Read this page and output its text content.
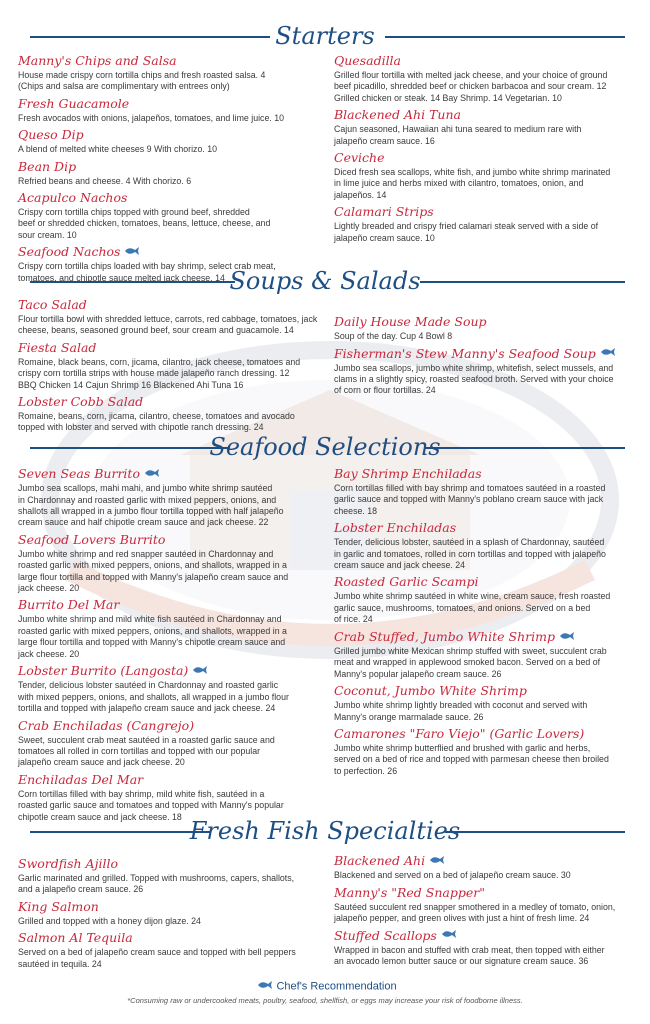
Starters
Soups & Salads
Seafood Selections
Fresh Fish Specialties
Manny's Chips and Salsa
House made crispy corn tortilla chips and fresh roasted salsa. 4
(Chips and salsa are complimentary with entrees only)
Fresh Guacamole
Fresh avocados with onions, jalapeños, tomatoes, and lime juice. 10
Queso Dip
A blend of melted white cheeses 9 With chorizo. 10
Bean Dip
Refried beans and cheese. 4 With chorizo. 6
Acapulco Nachos
Crispy corn tortilla chips topped with ground beef, shredded
beef or shredded chicken, tomatoes, beans, lettuce, cheese, and
sour cream. 10
Seafood Nachos
Crispy corn tortilla chips loaded with bay shrimp, select crab meat,
tomatoes, and chipotle sauce melted jack cheese. 14
Quesadilla
Grilled flour tortilla with melted jack cheese, and your choice of ground
beef picadillo, shredded beef or chicken barbacoa and sour cream. 12
Grilled chicken or steak. 14 Bay Shrimp. 14 Vegetarian. 10
Blackened Ahi Tuna
Cajun seasoned, Hawaiian ahi tuna seared to medium rare with
jalapeño cream sauce. 16
Ceviche
Diced fresh sea scallops, white fish, and jumbo white shrimp marinated
in lime juice and herbs mixed with cilantro, tomatoes, onion, and
jalapeños. 14
Calamari Strips
Lightly breaded and crispy fried calamari steak served with a side of
jalapeño cream sauce. 10
Taco Salad
Flour tortilla bowl with shredded lettuce, carrots, red cabbage, tomatoes, jack
cheese, beans, seasoned ground beef, sour cream and guacamole. 14
Fiesta Salad
Romaine, black beans, corn, jicama, cilantro, jack cheese, tomatoes and
crispy corn tortilla strips with house made jalapeño ranch dressing. 12
BBQ Chicken 14 Cajun Shrimp 16 Blackened Ahi Tuna 16
Lobster Cobb Salad
Romaine, beans, corn, jicama, cilantro, cheese, tomatoes and avocado
topped with lobster and served with chipotle ranch dressing. 24
Daily House Made Soup
Soup of the day. Cup 4 Bowl 8
Fisherman's Stew Manny's Seafood Soup
Jumbo sea scallops, jumbo white shrimp, whitefish, select mussels, and
clams in a slightly spicy, roasted seafood broth. Served with your choice
of corn or flour tortillas. 24
Seven Seas Burrito
Jumbo sea scallops, mahi mahi, and jumbo white shrimp sautéed
in Chardonnay and roasted garlic with mixed peppers, onions, and
shallots all wrapped in a jumbo flour tortilla topped with half jalapeño
cream sauce and half chipotle cream sauce and jack cheese. 22
Seafood Lovers Burrito
Jumbo white shrimp and red snapper sautéed in Chardonnay and
roasted garlic with mixed peppers, onions, and shallots, wrapped in a
large flour tortilla and topped with Manny's jalapeño cream sauce and
jack cheese. 20
Burrito Del Mar
Jumbo white shrimp and mild white fish sautéed in Chardonnay and
roasted garlic with mixed peppers, onions, and shallots, wrapped in a
large flour tortilla and topped with Manny's chipotle cream sauce and
jack cheese. 20
Lobster Burrito (Langosta)
Tender, delicious lobster sautéed in Chardonnay and roasted garlic
with mixed peppers, onions, and shallots, all wrapped in a jumbo flour
tortilla and topped with jalapeño cream sauce and jack cheese. 24
Crab Enchiladas (Cangrejo)
Sweet, succulent crab meat sautéed in a roasted garlic sauce and
tomatoes all rolled in corn tortillas and topped with our popular
jalapeño cream sauce and jack cheese. 20
Enchiladas Del Mar
Corn tortillas filled with bay shrimp, mild white fish, sautéed in a
roasted garlic sauce and tomatoes and topped with Manny's popular
chipotle cream sauce and jack cheese. 18
Bay Shrimp Enchiladas
Corn tortillas filled with bay shrimp and tomatoes sautéed in a roasted
garlic sauce and topped with Manny's poblano cream sauce with jack
cheese. 18
Lobster Enchiladas
Tender, delicious lobster, sautéed in a splash of Chardonnay, sautéed
in garlic and tomatoes, rolled in corn tortillas and topped with jalapeño
cream sauce and jack cheese. 24
Roasted Garlic Scampi
Jumbo white shrimp sautéed in white wine, cream sauce, fresh roasted
garlic sauce, mushrooms, tomatoes, and onions. Served on a bed
of rice. 24
Crab Stuffed, Jumbo White Shrimp
Grilled jumbo white Mexican shrimp stuffed with sweet, succulent crab
meat and wrapped in applewood smoked bacon. Served on a bed of
Manny's popular jalapeño cream sauce. 26
Coconut, Jumbo White Shrimp
Jumbo white shrimp lightly breaded with coconut and served with
Manny's orange marmalade sauce. 26
Camarones "Faro Viejo" (Garlic Lovers)
Jumbo white shrimp butterflied and brushed with garlic and herbs,
served on a bed of rice and topped with parmesan cheese then broiled
to perfection. 26
Swordfish Ajillo
Garlic marinated and grilled. Topped with mushrooms, capers, shallots,
and a jalapeño cream sauce. 26
King Salmon
Grilled and topped with a honey dijon glaze. 24
Salmon Al Tequila
Served on a bed of jalapeño cream sauce and topped with bell peppers
sautéed in tequila. 24
Blackened Ahi
Blackened and served on a bed of jalapeño cream sauce. 30
Manny's "Red Snapper"
Sautéed succulent red snapper smothered in a medley of tomato, onion,
jalapeño pepper, and green olives with just a hint of fresh lime. 24
Stuffed Scallops
Wrapped in bacon and stuffed with crab meat, then topped with either
an avocado lemon butter sauce or our signature cream sauce. 36
Chef's Recommendation
*Consuming raw or undercooked meats, poultry, seafood, shellfish, or eggs may increase your risk of foodborne illness.
